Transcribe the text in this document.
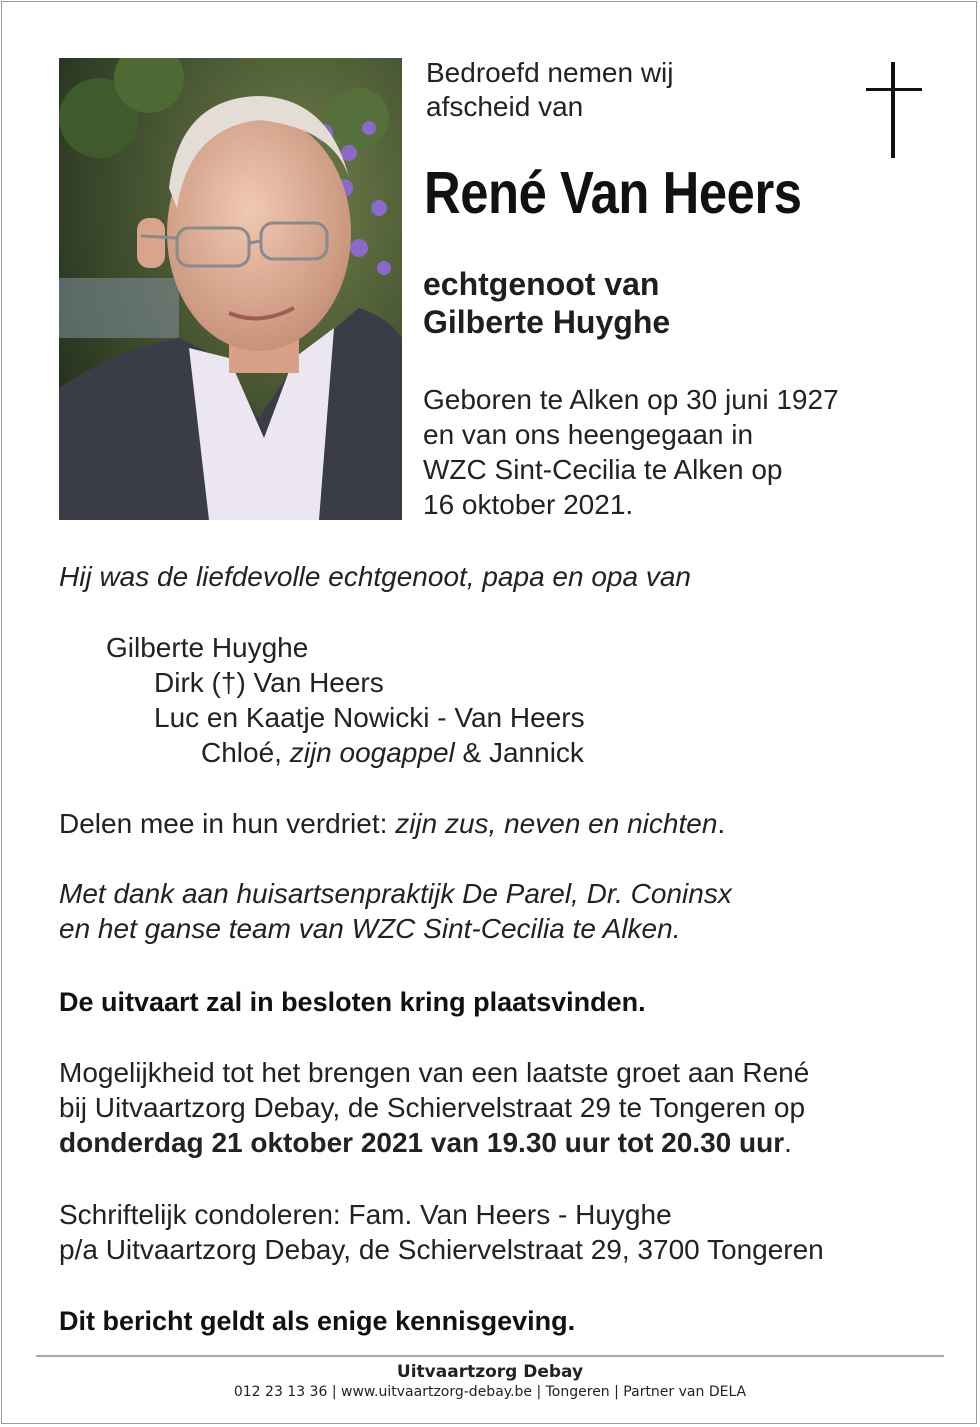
Bedroefd nemen wij
afscheid van
René Van Heers
echtgenoot van
Gilberte Huyghe
Geboren te Alken op 30 juni 1927
en van ons heengegaan in
WZC Sint-Cecilia te Alken op
16 oktober 2021.
Hij was de liefdevolle echtgenoot, papa en opa van
Gilberte Huyghe
Dirk (†) Van Heers
Luc en Kaatje Nowicki - Van Heers
Chloé, zijn oogappel & Jannick
Delen mee in hun verdriet: zijn zus, neven en nichten.
Met dank aan huisartsenpraktijk De Parel, Dr. Coninsx
en het ganse team van WZC Sint-Cecilia te Alken.
De uitvaart zal in besloten kring plaatsvinden.
Mogelijkheid tot het brengen van een laatste groet aan René
bij Uitvaartzorg Debay, de Schiervelstraat 29 te Tongeren op
donderdag 21 oktober 2021 van 19.30 uur tot 20.30 uur.
Schriftelijk condoleren: Fam. Van Heers - Huyghe
p/a Uitvaartzorg Debay, de Schiervelstraat 29, 3700 Tongeren
Dit bericht geldt als enige kennisgeving.
Uitvaartzorg Debay
012 23 13 36 | www.uitvaartzorg-debay.be | Tongeren | Partner van DELA
